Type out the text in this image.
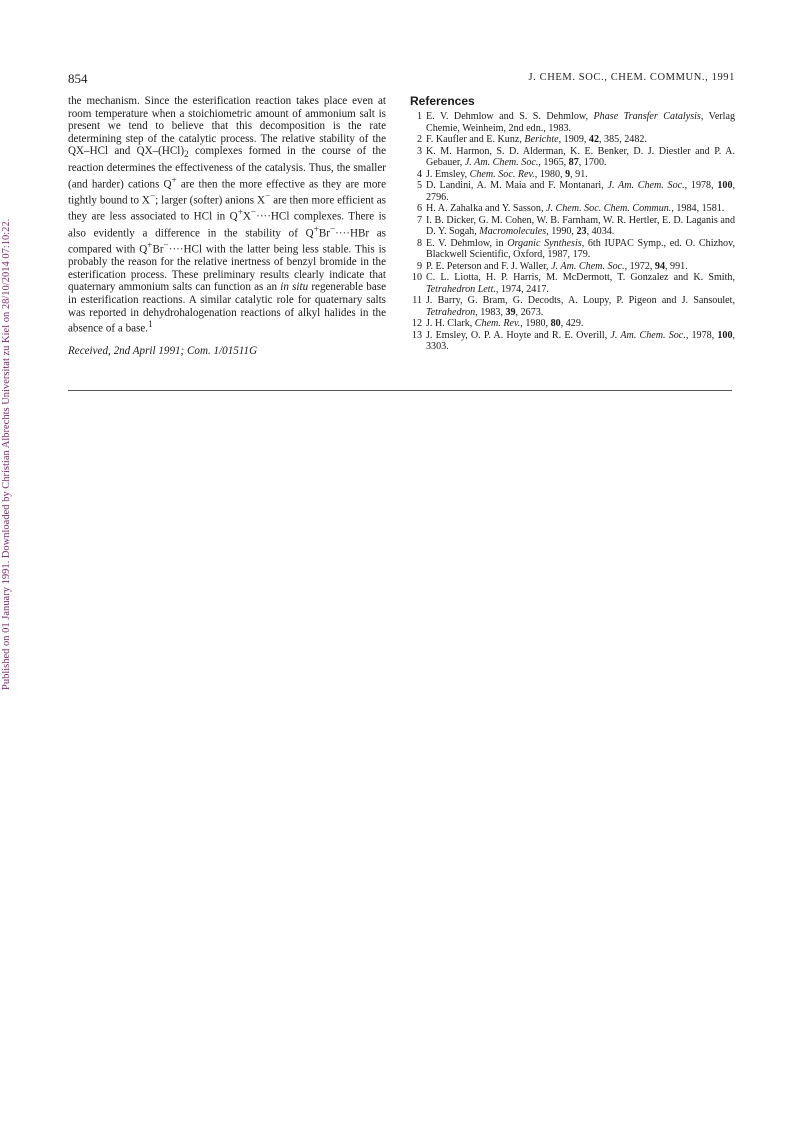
Published on 01 January 1991. Downloaded by Christian Albrechts Universitat zu Kiel on 28/10/2014 07:10:22.
854	J. CHEM. SOC., CHEM. COMMUN., 1991

the mechanism. Since the esterification reaction takes place even at room temperature when a stoichiometric amount of ammonium salt is present we tend to believe that this decomposition is the rate determining step of the catalytic process. The relative stability of the QX–HCl and $QX-(HCl)_2$ complexes formed in the course of the reaction determines the effectiveness of the catalysis. Thus, the smaller (and harder) cations Q+ are then the more effective as they are more tightly bound to X−; larger (softer) anions X− are then more efficient as they are less associated to HCl in Q+X−····HCl complexes. There is also evidently a difference in the stability of Q+Br−····HBr as compared with Q+Br−····HCl with the latter being less stable. This is probably the reason for the relative inertness of benzyl bromide in the esterification process. These preliminary results clearly indicate that quaternary ammonium salts can function as an in situ regenerable base in esterification reactions. A similar catalytic role for quaternary salts was reported in dehydrohalogenation reactions of alkyl halides in the absence of a base.$^1$

Received, 2nd April 1991; Com. 1/01511G

References
1 E. V. Dehmlow and S. S. Dehmlow, Phase Transfer Catalysis, Verlag Chemie, Weinheim, 2nd edn., 1983.
2 F. Kaufler and E. Kunz, Berichte, 1909, 42, 385, 2482.
3 K. M. Harmon, S. D. Alderman, K. E. Benker, D. J. Diestler and P. A. Gebauer, J. Am. Chem. Soc., 1965, 87, 1700.
4 J. Emsley, Chem. Soc. Rev., 1980, 9, 91.
5 D. Landini, A. M. Maia and F. Montanari, J. Am. Chem. Soc., 1978, 100, 2796.
6 H. A. Zahalka and Y. Sasson, J. Chem. Soc. Chem. Commun., 1984, 1581.
7 I. B. Dicker, G. M. Cohen, W. B. Farnham, W. R. Hertler, E. D. Laganis and D. Y. Sogah, Macromolecules, 1990, 23, 4034.
8 E. V. Dehmlow, in Organic Synthesis, 6th IUPAC Symp., ed. O. Chizhov, Blackwell Scientific, Oxford, 1987, 179.
9 P. E. Peterson and F. J. Waller, J. Am. Chem. Soc., 1972, 94, 991.
10 C. L. Liotta, H. P. Harris, M. McDermott, T. Gonzalez and K. Smith, Tetrahedron Lett., 1974, 2417.
11 J. Barry, G. Bram, G. Decodts, A. Loupy, P. Pigeon and J. Sansoulet, Tetrahedron, 1983, 39, 2673.
12 J. H. Clark, Chem. Rev., 1980, 80, 429.
13 J. Emsley, O. P. A. Hoyte and R. E. Overill, J. Am. Chem. Soc., 1978, 100, 3303.
